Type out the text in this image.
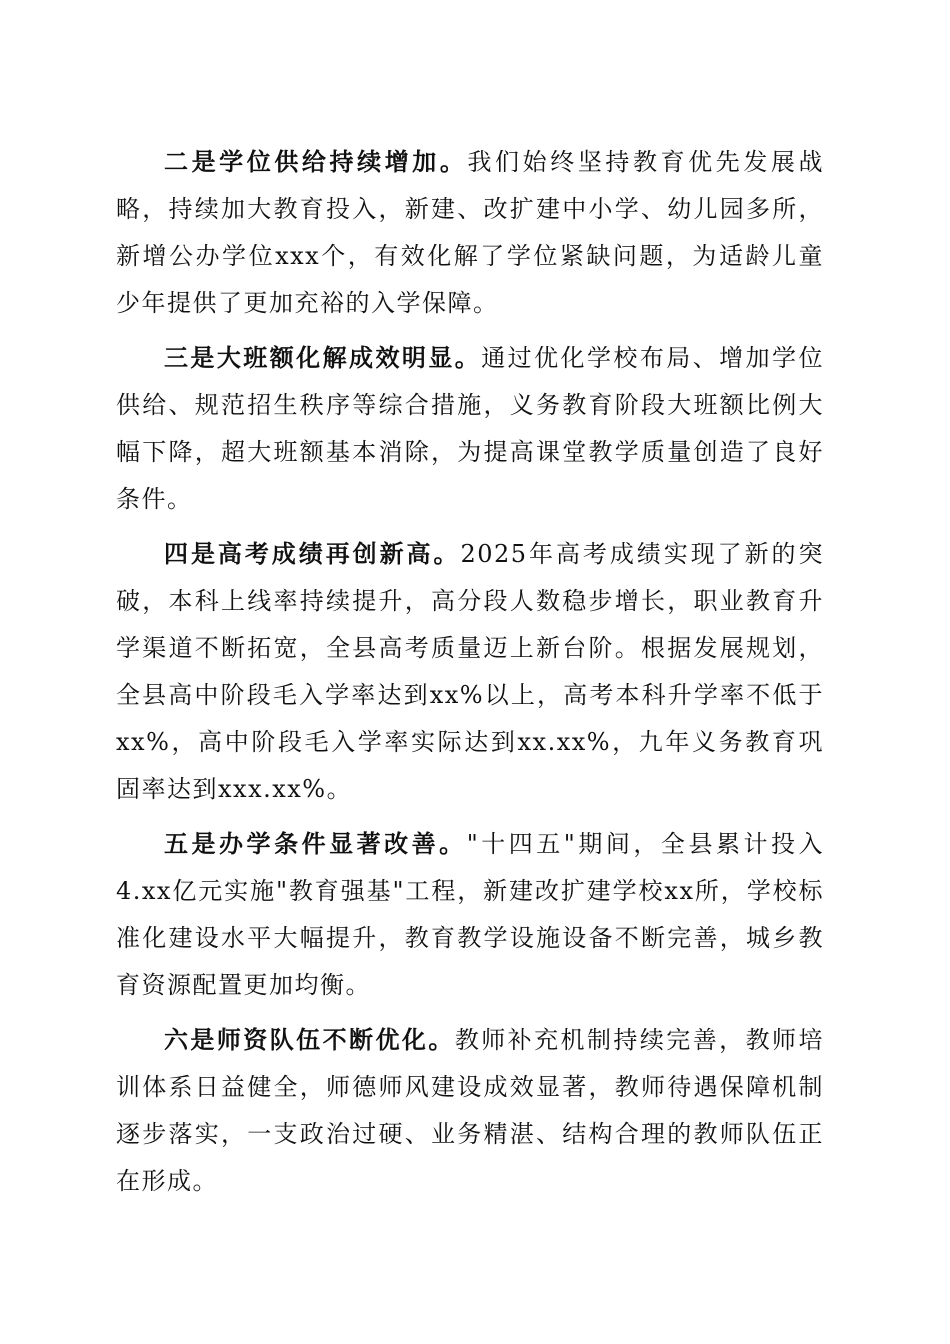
二是学位供给持续增加。我们始终坚持教育优先发展战略，持续加大教育投入，新建、改扩建中小学、幼儿园多所，新增公办学位xxx个，有效化解了学位紧缺问题，为适龄儿童少年提供了更加充裕的入学保障。

三是大班额化解成效明显。通过优化学校布局、增加学位供给、规范招生秩序等综合措施，义务教育阶段大班额比例大幅下降，超大班额基本消除，为提高课堂教学质量创造了良好条件。

四是高考成绩再创新高。2025年高考成绩实现了新的突破，本科上线率持续提升，高分段人数稳步增长，职业教育升学渠道不断拓宽，全县高考质量迈上新台阶。根据发展规划，全县高中阶段毛入学率达到xx%以上，高考本科升学率不低于xx%，高中阶段毛入学率实际达到xx.xx%，九年义务教育巩固率达到xxx.xx%。

五是办学条件显著改善。"十四五"期间，全县累计投入4.xx亿元实施"教育强基"工程，新建改扩建学校xx所，学校标准化建设水平大幅提升，教育教学设施设备不断完善，城乡教育资源配置更加均衡。

六是师资队伍不断优化。教师补充机制持续完善，教师培训体系日益健全，师德师风建设成效显著，教师待遇保障机制逐步落实，一支政治过硬、业务精湛、结构合理的教师队伍正在形成。
